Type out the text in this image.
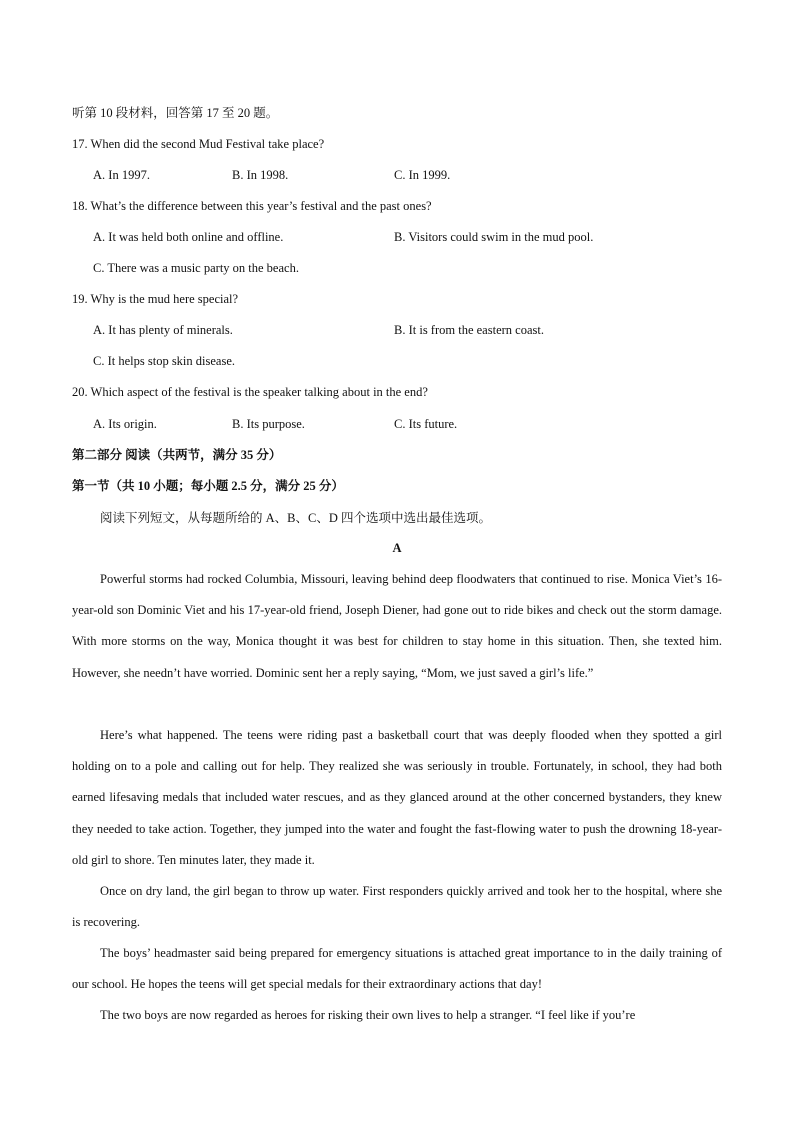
听第 10 段材料，回答第 17 至 20 题。
17. When did the second Mud Festival take place?
A. In 1997.	B. In 1998.	C. In 1999.
18. What’s the difference between this year’s festival and the past ones?
A. It was held both online and offline.	B. Visitors could swim in the mud pool.
C. There was a music party on the beach.
19. Why is the mud here special?
A. It has plenty of minerals.	B. It is from the eastern coast.
C. It helps stop skin disease.
20. Which aspect of the festival is the speaker talking about in the end?
A. Its origin.	B. Its purpose.	C. Its future.
第二部分 阅读（共两节，满分 35 分）
第一节（共 10 小题；每小题 2.5 分，满分 25 分）
阅读下列短文，从每题所给的 A、B、C、D 四个选项中选出最佳选项。
A
Powerful storms had rocked Columbia, Missouri, leaving behind deep floodwaters that continued to rise. Monica Viet’s 16-year-old son Dominic Viet and his 17-year-old friend, Joseph Diener, had gone out to ride bikes and check out the storm damage. With more storms on the way, Monica thought it was best for children to stay home in this situation. Then, she texted him. However, she needn’t have worried. Dominic sent her a reply saying, “Mom, we just saved a girl’s life.”
Here’s what happened. The teens were riding past a basketball court that was deeply flooded when they spotted a girl holding on to a pole and calling out for help. They realized she was seriously in trouble. Fortunately, in school, they had both earned lifesaving medals that included water rescues, and as they glanced around at the other concerned bystanders, they knew they needed to take action. Together, they jumped into the water and fought the fast-flowing water to push the drowning 18-year-old girl to shore. Ten minutes later, they made it.
Once on dry land, the girl began to throw up water. First responders quickly arrived and took her to the hospital, where she is recovering.
The boys’ headmaster said being prepared for emergency situations is attached great importance to in the daily training of our school. He hopes the teens will get special medals for their extraordinary actions that day!
The two boys are now regarded as heroes for risking their own lives to help a stranger. “I feel like if you’re
